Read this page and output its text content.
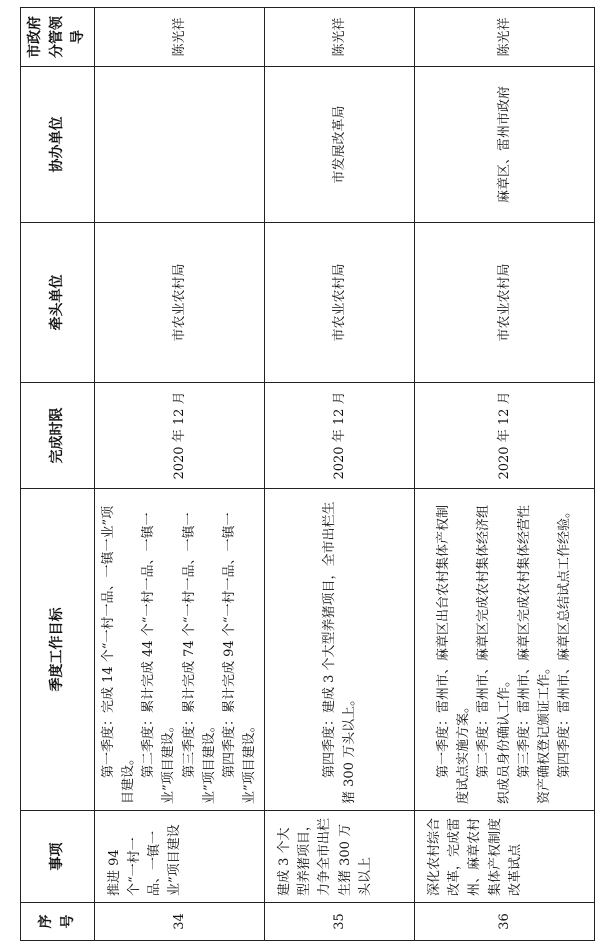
序号	事项	季度工作目标	完成时限	牵头单位	协办单位	市政府分管领导
34	推进 94 个“一村一品、一镇一业”项目建设	第一季度：完成 14 个“一村一品、一镇一业”项目建设。 第二季度：累计完成 44 个“一村一品、一镇一业”项目建设。 第三季度：累计完成 74 个“一村一品、一镇一业”项目建设。 第四季度：累计完成 94 个“一村一品、一镇一业”项目建设。	2020 年 12 月	市农业农村局		陈光祥
35	建成 3 个大型养猪项目，力争全市出栏生猪 300 万头以上	第四季度：建成 3 个大型养猪项目，全市出栏生猪 300 万头以上。	2020 年 12 月	市农业农村局	市发展改革局	陈光祥
36	深化农村综合改革，完成雷州、麻章农村集体产权制度改革试点	第一季度：雷州市、麻章区出台农村集体产权制度试点实施方案。 第二季度：雷州市、麻章区完成农村集体经济组织成员身份确认工作。 第三季度：雷州市、麻章区完成农村集体经营性资产确权登记颁证工作。 第四季度：雷州市、麻章区总结试点工作经验。	2020 年 12 月	市农业农村局	麻章区、雷州市政府	陈光祥
